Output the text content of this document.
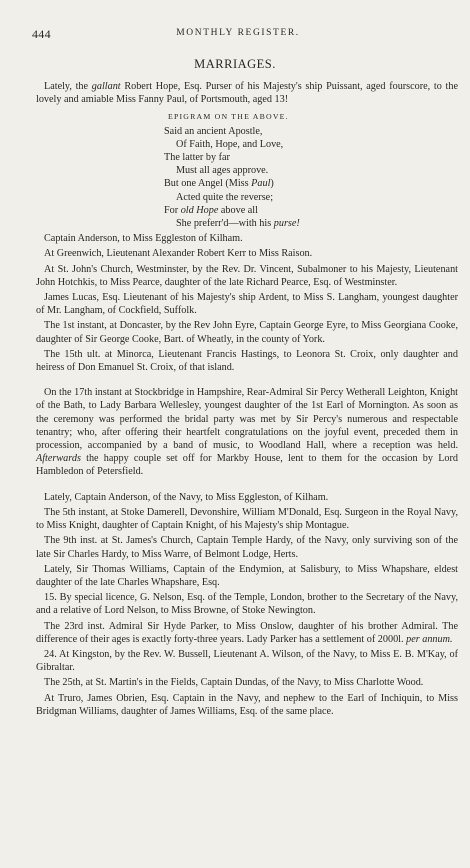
444	MONTHLY REGISTER.
MARRIAGES.

Lately, the gallant Robert Hope, Esq. Purser of his Majesty's ship Puissant, aged fourscore, to the lovely and amiable Miss Fanny Paul, of Portsmouth, aged 13!

EPIGRAM ON THE ABOVE.
Said an ancient Apostle,
Of Faith, Hope, and Love,
The latter by far
Must all ages approve.
But one Angel (Miss Paul)
Acted quite the reverse;
For old Hope above all
She preferr'd—with his purse!

Captain Anderson, to Miss Eggleston of Kilham.

At Greenwich, Lieutenant Alexander Robert Kerr to Miss Raison.

At St. John's Church, Westminster, by the Rev. Dr. Vincent, Subalmoner to his Majesty, Lieutenant John Hotchkis, to Miss Pearce, daughter of the late Richard Pearce, Esq. of Westminster.

James Lucas, Esq. Lieutenant of his Majesty's ship Ardent, to Miss S. Langham, youngest daughter of Mr. Langham, of Cockfield, Suffolk.

The 1st instant, at Doncaster, by the Rev John Eyre, Captain George Eyre, to Miss Georgiana Cooke, daughter of Sir George Cooke, Bart. of Wheatly, in the county of York.

The 15th ult. at Minorca, Lieutenant Francis Hastings, to Leonora St. Croix, only daughter and heiress of Don Emanuel St. Croix, of that island.

On the 17th instant at Stockbridge in Hampshire, Rear-Admiral Sir Percy Wetherall Leighton, Knight of the Bath, to Lady Barbara Wellesley, youngest daughter of the 1st Earl of Mornington. As soon as the ceremony was performed the bridal party was met by Sir Percy's numerous and respectable tenantry; who, after offering their heartfelt congratulations on the joyful event, preceded them in procession, accompanied by a band of music, to Woodland Hall, where a reception was held. Afterwards the happy couple set off for Markby House, lent to them for the occasion by Lord Hambledon of Petersfield.

Lately, Captain Anderson, of the Navy, to Miss Eggleston, of Kilham.

The 5th instant, at Stoke Damerell, Devonshire, William M'Donald, Esq. Surgeon in the Royal Navy, to Miss Knight, daughter of Captain Knight, of his Majesty's ship Montague.

The 9th inst. at St. James's Church, Captain Temple Hardy, of the Navy, only surviving son of the late Sir Charles Hardy, to Miss Warre, of Belmont Lodge, Herts.

Lately, Sir Thomas Williams, Captain of the Endymion, at Salisbury, to Miss Whapshare, eldest daughter of the late Charles Whapshare, Esq.

15. By special licence, G. Nelson, Esq. of the Temple, London, brother to the Secretary of the Navy, and a relative of Lord Nelson, to Miss Browne, of Stoke Newington.

The 23rd inst. Admiral Sir Hyde Parker, to Miss Onslow, daughter of his brother Admiral. The difference of their ages is exactly forty-three years. Lady Parker has a settlement of 2000l. per annum.

24. At Kingston, by the Rev. W. Bussell, Lieutenant A. Wilson, of the Navy, to Miss E. B. M'Kay, of Gibraltar.

The 25th, at St. Martin's in the Fields, Captain Dundas, of the Navy, to Miss Charlotte Wood.

At Truro, James Obrien, Esq. Captain in the Navy, and nephew to the Earl of Inchiquin, to Miss Bridgman Williams, daughter of James Williams, Esq. of the same place.
